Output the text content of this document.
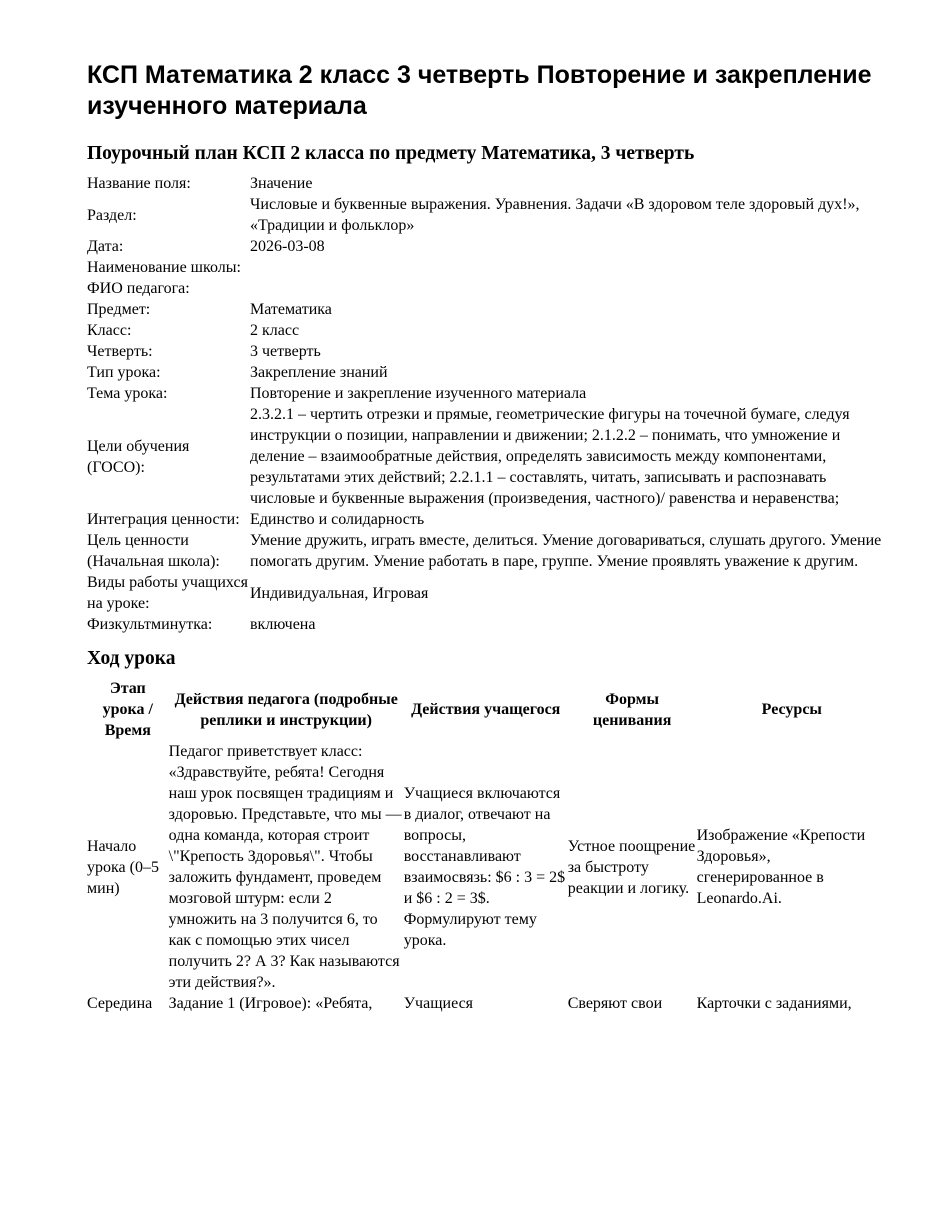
КСП Математика 2 класс 3 четверть Повторение и закрепление изученного материала
Поурочный план КСП 2 класса по предмету Математика, 3 четверть
Название поля:	Значение
Раздел:	Числовые и буквенные выражения. Уравнения. Задачи «В здоровом теле здоровый дух!», «Традиции и фольклор»
Дата:	2026-03-08
Наименование школы:	
ФИО педагога:	
Предмет:	Математика
Класс:	2 класс
Четверть:	3 четверть
Тип урока:	Закрепление знаний
Тема урока:	Повторение и закрепление изученного материала
Цели обучения (ГОСО):	2.3.2.1 – чертить отрезки и прямые, геометрические фигуры на точечной бумаге, следуя инструкции о позиции, направлении и движении; 2.1.2.2 – понимать, что умножение и деление – взаимообратные действия, определять зависимость между компонентами, результатами этих действий; 2.2.1.1 – составлять, читать, записывать и распознавать числовые и буквенные выражения (произведения, частного)/ равенства и неравенства;
Интеграция ценности:	Единство и солидарность
Цель ценности (Начальная школа):	Умение дружить, играть вместе, делиться. Умение договариваться, слушать другого. Умение помогать другим. Умение работать в паре, группе. Умение проявлять уважение к другим.
Виды работы учащихся на уроке:	Индивидуальная, Игровая
Физкультминутка:	включена
Ход урока
Этап урока / Время	Действия педагога (подробные реплики и инструкции)	Действия учащегося	Формы ценивания	Ресурсы
Начало урока (0–5 мин)	Педагог приветствует класс: «Здравствуйте, ребята! Сегодня наш урок посвящен традициям и здоровью. Представьте, что мы — одна команда, которая строит \"Крепость Здоровья\". Чтобы заложить фундамент, проведем мозговой штурм: если 2 умножить на 3 получится 6, то как с помощью этих чисел получить 2? А 3? Как называются эти действия?».	Учащиеся включаются в диалог, отвечают на вопросы, восстанавливают взаимосвязь: $6 : 3 = 2$ и $6 : 2 = 3$. Формулируют тему урока.	Устное поощрение за быстроту реакции и логику.	Изображение «Крепости Здоровья», сгенерированное в Leonardo.Ai.
Середина	Задание 1 (Игровое): «Ребята,	Учащиеся	Сверяют свои	Карточки с заданиями,
